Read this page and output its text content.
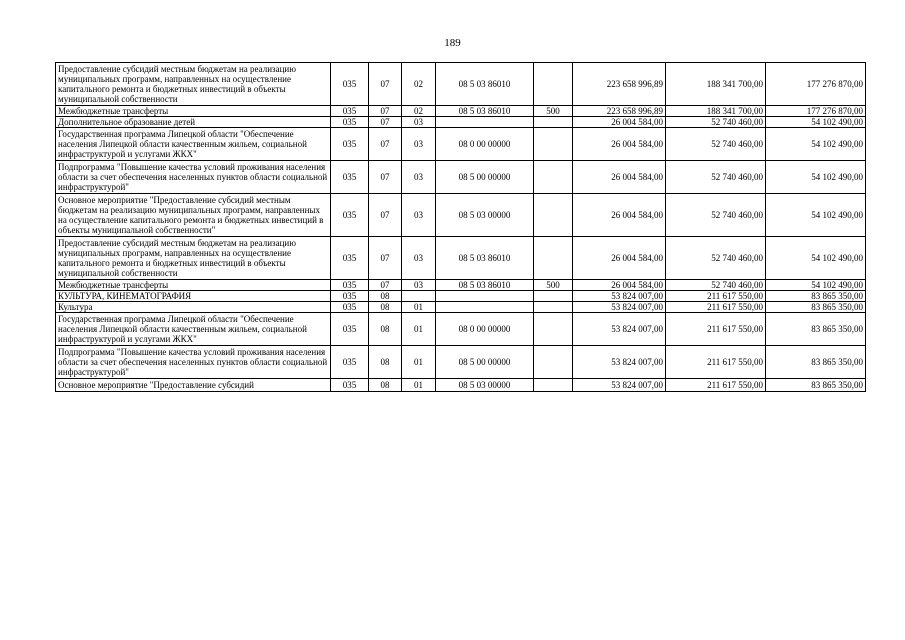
189
Предоставление субсидий местным бюджетам на реализацию муниципальных программ, направленных на осуществление капитального ремонта и бюджетных инвестиций в объекты муниципальной собственности	035	07	02	08 5 03 86010		223 658 996,89	188 341 700,00	177 276 870,00
Межбюджетные трансферты	035	07	02	08 5 03 86010	500	223 658 996,89	188 341 700,00	177 276 870,00
Дополнительное образование детей	035	07	03			26 004 584,00	52 740 460,00	54 102 490,00
Государственная программа Липецкой области "Обеспечение населения Липецкой области качественным жильем, социальной инфраструктурой и услугами ЖКХ"	035	07	03	08 0 00 00000		26 004 584,00	52 740 460,00	54 102 490,00
Подпрограмма "Повышение качества условий проживания населения области за счет обеспечения населенных пунктов области социальной инфраструктурой"	035	07	03	08 5 00 00000		26 004 584,00	52 740 460,00	54 102 490,00
Основное мероприятие "Предоставление субсидий местным бюджетам на реализацию муниципальных программ, направленных на осуществление капитального ремонта и бюджетных инвестиций в объекты муниципальной собственности"	035	07	03	08 5 03 00000		26 004 584,00	52 740 460,00	54 102 490,00
Предоставление субсидий местным бюджетам на реализацию муниципальных программ, направленных на осуществление капитального ремонта и бюджетных инвестиций в объекты муниципальной собственности	035	07	03	08 5 03 86010		26 004 584,00	52 740 460,00	54 102 490,00
Межбюджетные трансферты	035	07	03	08 5 03 86010	500	26 004 584,00	52 740 460,00	54 102 490,00
КУЛЬТУРА, КИНЕМАТОГРАФИЯ	035	08				53 824 007,00	211 617 550,00	83 865 350,00
Культура	035	08	01			53 824 007,00	211 617 550,00	83 865 350,00
Государственная программа Липецкой области "Обеспечение населения Липецкой области качественным жильем, социальной инфраструктурой и услугами ЖКХ"	035	08	01	08 0 00 00000		53 824 007,00	211 617 550,00	83 865 350,00
Подпрограмма "Повышение качества условий проживания населения области за счет обеспечения населенных пунктов области социальной инфраструктурой"	035	08	01	08 5 00 00000		53 824 007,00	211 617 550,00	83 865 350,00
Основное мероприятие "Предоставление субсидий	035	08	01	08 5 03 00000		53 824 007,00	211 617 550,00	83 865 350,00
